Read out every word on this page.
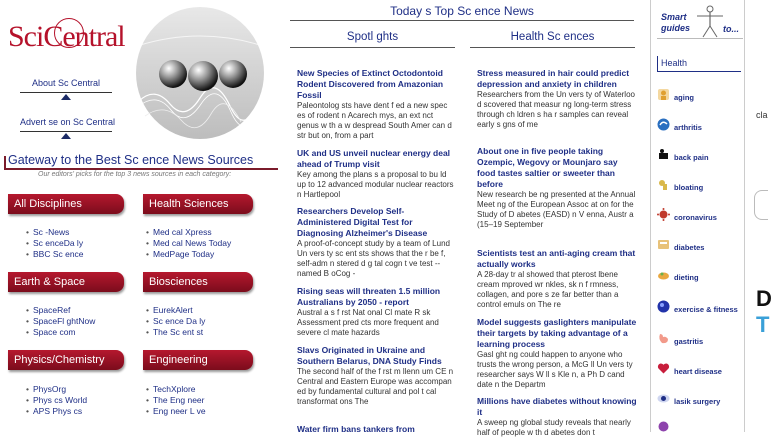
SciCentral
About Sc Central
Advert se on Sc Central
Gateway to the Best Sc ence News Sources
Our editors' picks for the top 3 news sources in each category:
All Disciplines
• Sc -News
• Sc enceDa ly
• BBC Sc ence
Health Sciences
• Med cal Xpress
• Med cal News Today
• MedPage Today
Earth & Space
• SpaceRef
• SpaceFl ghtNow
• Space com
Biosciences
• EurekAlert
• Sc ence Da ly
• The Sc ent st
Physics/Chemistry
• PhysOrg
• Phys cs World
• APS Phys cs
Engineering
• TechXplore
• The Eng neer
• Eng neer L ve
Today s Top Sc ence News
Spotl ghts	Health Sc ences
New Species of Extinct Octodontoid Rodent Discovered from Amazonian Fossil
Paleontolog sts have dent f ed a new spec es of rodent n Acarech mys, an ext nct genus w th a w despread South Amer can d str but on, from a part
UK and US unveil nuclear energy deal ahead of Trump visit
Key among the plans s a proposal to bu ld up to 12 advanced modular nuclear reactors n Hartlepool
Researchers Develop Self-Administered Digital Test for Diagnosing Alzheimer's Disease
A proof-of-concept study by a team of Lund Un vers ty sc ent sts shows that the r be f, self-adm n stered d g tal cogn t ve test -- named B oCog -
Rising seas will threaten 1.5 million Australians by 2050 - report
Austral a s f rst Nat onal Cl mate R sk Assessment pred cts more frequent and severe cl mate hazards
Slavs Originated in Ukraine and Southern Belarus, DNA Study Finds
The second half of the f rst m llenn um CE n Central and Eastern Europe was accompan ed by fundamental cultural and pol t cal transformat ons The
Water firm bans tankers from
Stress measured in hair could predict depression and anxiety in children
Researchers from the Un vers ty of Waterloo d scovered that measur ng long-term stress through ch ldren s ha r samples can reveal early s gns of me
About one in five people taking Ozempic, Wegovy or Mounjaro say food tastes saltier or sweeter than before
New research be ng presented at the Annual Meet ng of the European Assoc at on for the Study of D abetes (EASD) n V enna, Austr a (15–19 September
Scientists test an anti-aging cream that actually works
A 28-day tr al showed that pterost lbene cream mproved wr nkles, sk n f rmness, collagen, and pore s ze far better than a control emuls on The re
Model suggests gaslighters manipulate their targets by taking advantage of a learning process
Gasl ght ng could happen to anyone who trusts the wrong person, a McG ll Un vers ty researcher says W ll s Kle n, a Ph D cand date n the Departm
Millions have diabetes without knowing it
A sweep ng global study reveals that nearly half of people w th d abetes don t
Smart
guides	to...
Health
aging
arthritis
back pain
bloating
coronavirus
diabetes
dieting
exercise & fitness
gastritis
heart disease
lasik surgery
cla
D
T
